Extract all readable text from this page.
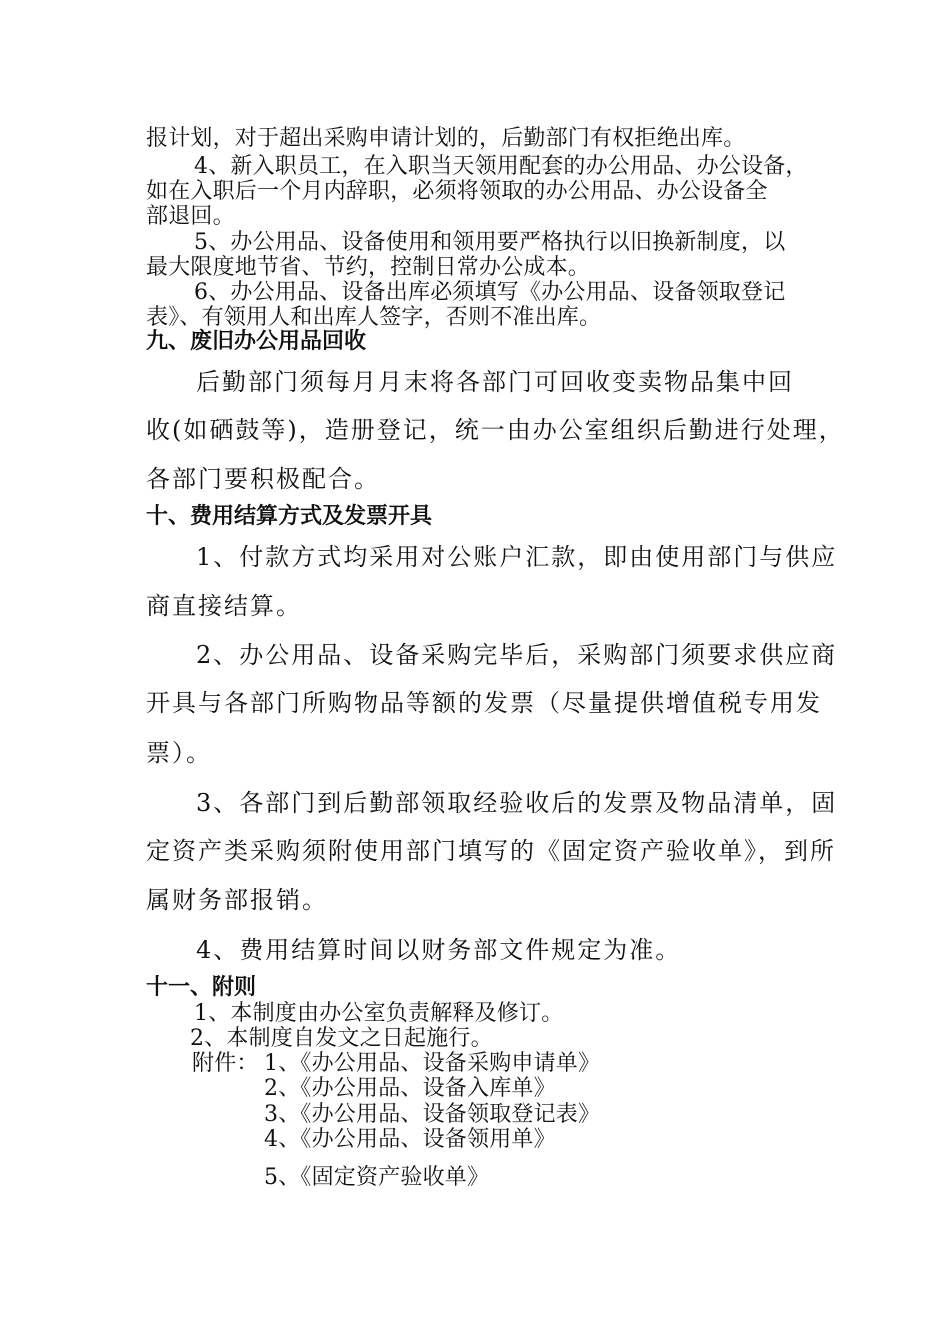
报计划，对于超出采购申请计划的，后勤部门有权拒绝出库。
4、新入职员工，在入职当天领用配套的办公用品、办公设备，
如在入职后一个月内辞职，必须将领取的办公用品、办公设备全
部退回。
5、办公用品、设备使用和领用要严格执行以旧换新制度，以
最大限度地节省、节约，控制日常办公成本。
6、办公用品、设备出库必须填写《办公用品、设备领取登记
表》、有领用人和出库人签字，否则不准出库。
九、废旧办公用品回收
后勤部门须每月月末将各部门可回收变卖物品集中回
收(如硒鼓等)，造册登记，统一由办公室组织后勤进行处理，
各部门要积极配合。
十、费用结算方式及发票开具
1、付款方式均采用对公账户汇款，即由使用部门与供应
商直接结算。
2、办公用品、设备采购完毕后，采购部门须要求供应商
开具与各部门所购物品等额的发票（尽量提供增值税专用发
票）。
3、各部门到后勤部领取经验收后的发票及物品清单，固
定资产类采购须附使用部门填写的《固定资产验收单》，到所
属财务部报销。
4、费用结算时间以财务部文件规定为准。
十一、附则
1、本制度由办公室负责解释及修订。
2、本制度自发文之日起施行。
附件： 1、《办公用品、设备采购申请单》
2、《办公用品、设备入库单》
3、《办公用品、设备领取登记表》
4、《办公用品、设备领用单》
5、《固定资产验收单》
